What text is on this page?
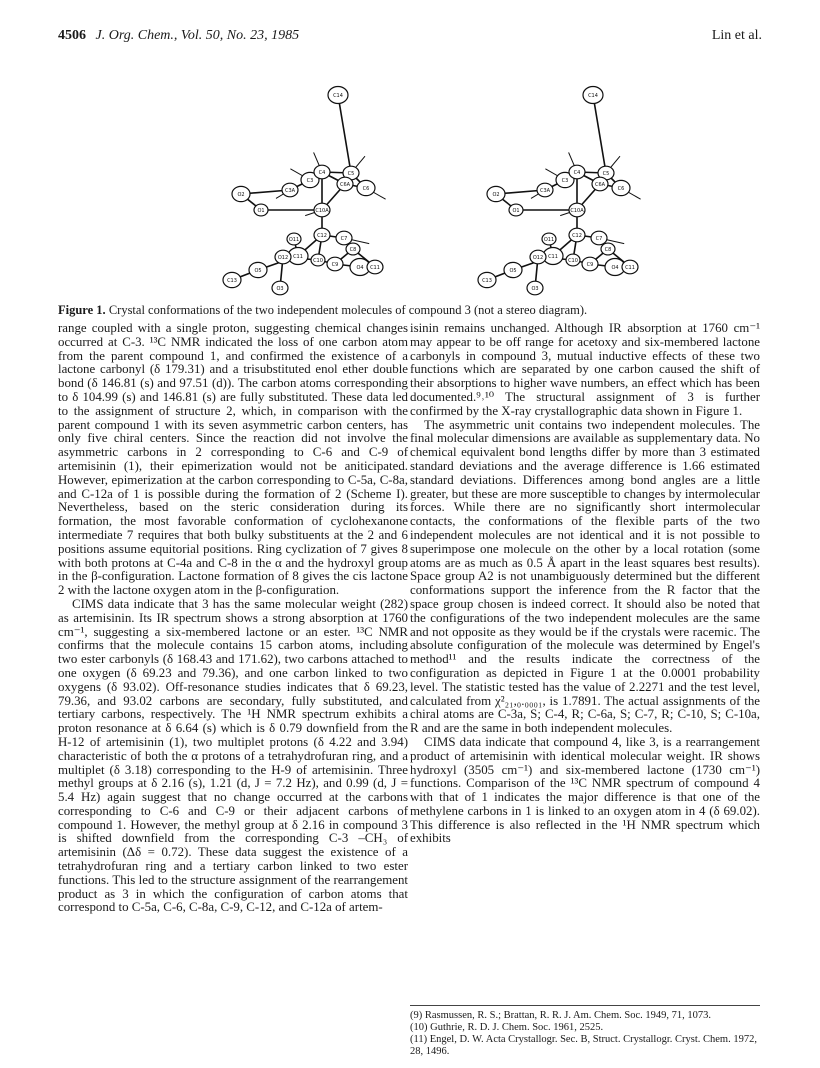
4506 J. Org. Chem., Vol. 50, No. 23, 1985	Lin et al.
C3
C3A
C4	C5
C6
C6A
C10A
C12	C7
C8
C9
C10
C11
C13
O1
O2
O3
O4
O5
O12
C14
C11
O11
C3
C3A
C4	C5
C6
C6A
C10A
C12	C7
C8
C9
C10
C11
C13
O1
O2
O3
O4
O5
O12
C14
C11
O11
Figure 1. Crystal conformations of the two independent molecules of compound 3 (not a stereo diagram).

range coupled with a single proton, suggesting chemical changes occurred at C-3. ¹³C NMR indicated the loss of one carbon atom from the parent compound 1, and confirmed the existence of a lactone carbonyl (δ 179.31) and a trisubstituted enol ether double bond (δ 146.81 (s) and 97.51 (d)). The carbon atoms corresponding to δ 104.99 (s) and 146.81 (s) are fully substituted. These data led to the assignment of structure 2, which, in comparison with the parent compound 1 with its seven asymmetric carbon centers, has only five chiral centers. Since the reaction did not involve the asymmetric carbons in 2 corresponding to C-6 and C-9 of artemisinin (1), their epimerization would not be aniticipated. However, epimerization at the carbon corresponding to C-5a, C-8a, and C-12a of 1 is possible during the formation of 2 (Scheme I). Nevertheless, based on the steric consideration during its formation, the most favorable conformation of cyclohexanone intermediate 7 requires that both bulky substituents at the 2 and 6 positions assume equitorial positions. Ring cyclization of 7 gives 8 with both protons at C-4a and C-8 in the α and the hydroxyl group in the β-configuration. Lactone formation of 8 gives the cis lactone 2 with the lactone oxygen atom in the β-configuration.

CIMS data indicate that 3 has the same molecular weight (282) as artemisinin. Its IR spectrum shows a strong absorption at 1760 cm⁻¹, suggesting a six-membered lactone or an ester. ¹³C NMR confirms that the molecule contains 15 carbon atoms, including two ester carbonyls (δ 168.43 and 171.62), two carbons attached to one oxygen (δ 69.23 and 79.36), and one carbon linked to two oxygens (δ 93.02). Off-resonance studies indicates that δ 69.23, 79.36, and 93.02 carbons are secondary, fully substituted, and tertiary carbons, respectively. The ¹H NMR spectrum exhibits a proton resonance at δ 6.64 (s) which is δ 0.79 downfield from the H-12 of artemisinin (1), two multiplet protons (δ 4.22 and 3.94) characteristic of both the α protons of a tetrahydrofuran ring, and a multiplet (δ 3.18) corresponding to the H-9 of artemisinin. Three methyl groups at δ 2.16 (s), 1.21 (d, J = 7.2 Hz), and 0.99 (d, J = 5.4 Hz) again suggest that no change occurred at the carbons corresponding to C-6 and C-9 or their adjacent carbons of compound 1. However, the methyl group at δ 2.16 in compound 3 is shifted downfield from the corresponding C-3 –CH₃ of artemisinin (Δδ = 0.72). These data suggest the existence of a tetrahydrofuran ring and a tertiary carbon linked to two ester functions. This led to the structure assignment of the rearrangement product as 3 in which the configuration of carbon atoms that correspond to C-5a, C-6, C-8a, C-9, C-12, and C-12a of artem-

isinin remains unchanged. Although IR absorption at 1760 cm⁻¹ may appear to be off range for acetoxy and six-membered lactone carbonyls in compound 3, mutual inductive effects of these two functions which are separated by one carbon caused the shift of their absorptions to higher wave numbers, an effect which has been documented.⁹˒¹⁰ The structural assignment of 3 is further confirmed by the X-ray crystallographic data shown in Figure 1.

The asymmetric unit contains two independent molecules. The final molecular dimensions are available as supplementary data. No chemical equivalent bond lengths differ by more than 3 estimated standard deviations and the average difference is 1.66 estimated standard deviations. Differences among bond angles are a little greater, but these are more susceptible to changes by intermolecular forces. While there are no significantly short intermolecular contacts, the conformations of the flexible parts of the two independent molecules are not identical and it is not possible to superimpose one molecule on the other by a local rotation (some atoms are as much as 0.5 Å apart in the least squares best results). Space group A2 is not unambiguously determined but the different conformations support the inference from the R factor that the space group chosen is indeed correct. It should also be noted that the configurations of the two independent molecules are the same and not opposite as they would be if the crystals were racemic. The absolute configuration of the molecule was determined by Engel's method¹¹ and the results indicate the correctness of the configuration as depicted in Figure 1 at the 0.0001 probability level. The statistic tested has the value of 2.2271 and the test level, calculated from χ²₂₁,₀.₀₀₀₁, is 1.7891. The actual assignments of the chiral atoms are C-3a, S; C-4, R; C-6a, S; C-7, R; C-10, S; C-10a, R and are the same in both independent molecules.

CIMS data indicate that compound 4, like 3, is a rearrangement product of artemisinin with identical molecular weight. IR shows hydroxyl (3505 cm⁻¹) and six-membered lactone (1730 cm⁻¹) functions. Comparison of the ¹³C NMR spectrum of compound 4 with that of 1 indicates the major difference is that one of the methylene carbons in 1 is linked to an oxygen atom in 4 (δ 69.02). This difference is also reflected in the ¹H NMR spectrum which exhibits

(9) Rasmussen, R. S.; Brattan, R. R. J. Am. Chem. Soc. 1949, 71, 1073.
(10) Guthrie, R. D. J. Chem. Soc. 1961, 2525.
(11) Engel, D. W. Acta Crystallogr. Sec. B, Struct. Crystallogr. Cryst. Chem. 1972, 28, 1496.
